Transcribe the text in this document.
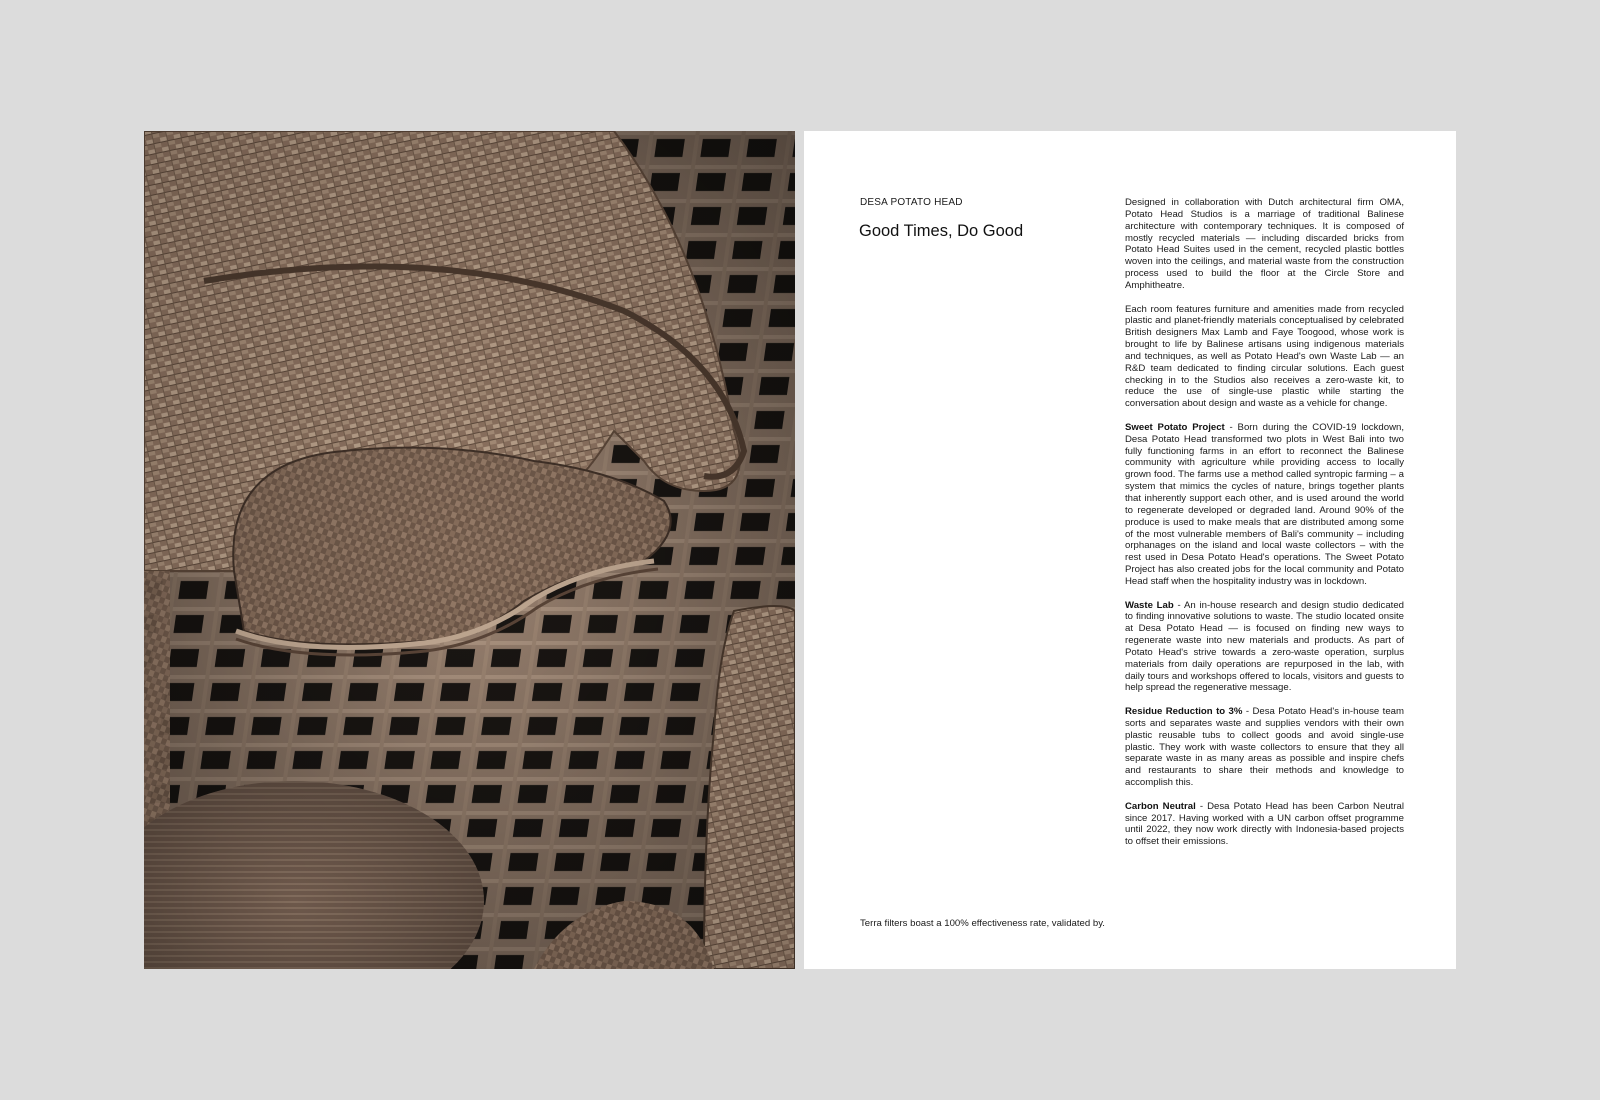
DESA POTATO HEAD
Good Times, Do Good

Designed in collaboration with Dutch architectural firm OMA, Potato Head Studios is a marriage of traditional Balinese architecture with contemporary techniques. It is composed of mostly recycled materials — including discarded bricks from Potato Head Suites used in the cement, recycled plastic bottles woven into the ceilings, and material waste from the construction process used to build the floor at the Circle Store and Amphitheatre.

Each room features furniture and amenities made from recycled plastic and planet-friendly materials conceptualised by celebrated British designers Max Lamb and Faye Toogood, whose work is brought to life by Balinese artisans using indigenous materials and techniques, as well as Potato Head's own Waste Lab — an R&D team dedicated to finding circular solutions. Each guest checking in to the Studios also receives a zero-waste kit, to reduce the use of single-use plastic while starting the conversation about design and waste as a vehicle for change.

Sweet Potato Project - Born during the COVID-19 lockdown, Desa Potato Head transformed two plots in West Bali into two fully functioning farms in an effort to reconnect the Balinese community with agriculture while providing access to locally grown food. The farms use a method called syntropic farming – a system that mimics the cycles of nature, brings together plants that inherently support each other, and is used around the world to regenerate developed or degraded land. Around 90% of the produce is used to make meals that are distributed among some of the most vulnerable members of Bali's community – including orphanages on the island and local waste collectors – with the rest used in Desa Potato Head's operations. The Sweet Potato Project has also created jobs for the local community and Potato Head staff when the hospitality industry was in lockdown.

Waste Lab - An in-house research and design studio dedicated to finding innovative solutions to waste. The studio located onsite at Desa Potato Head — is focused on finding new ways to regenerate waste into new materials and products. As part of Potato Head's strive towards a zero-waste operation, surplus materials from daily operations are repurposed in the lab, with daily tours and workshops offered to locals, visitors and guests to help spread the regenerative message.

Residue Reduction to 3% - Desa Potato Head's in-house team sorts and separates waste and supplies vendors with their own plastic reusable tubs to collect goods and avoid single-use plastic. They work with waste collectors to ensure that they all separate waste in as many areas as possible and inspire chefs and restaurants to share their methods and knowledge to accomplish this.

Carbon Neutral - Desa Potato Head has been Carbon Neutral since 2017. Having worked with a UN carbon offset programme until 2022, they now work directly with Indonesia-based projects to offset their emissions.

Terra filters boast a 100% effectiveness rate, validated by.
